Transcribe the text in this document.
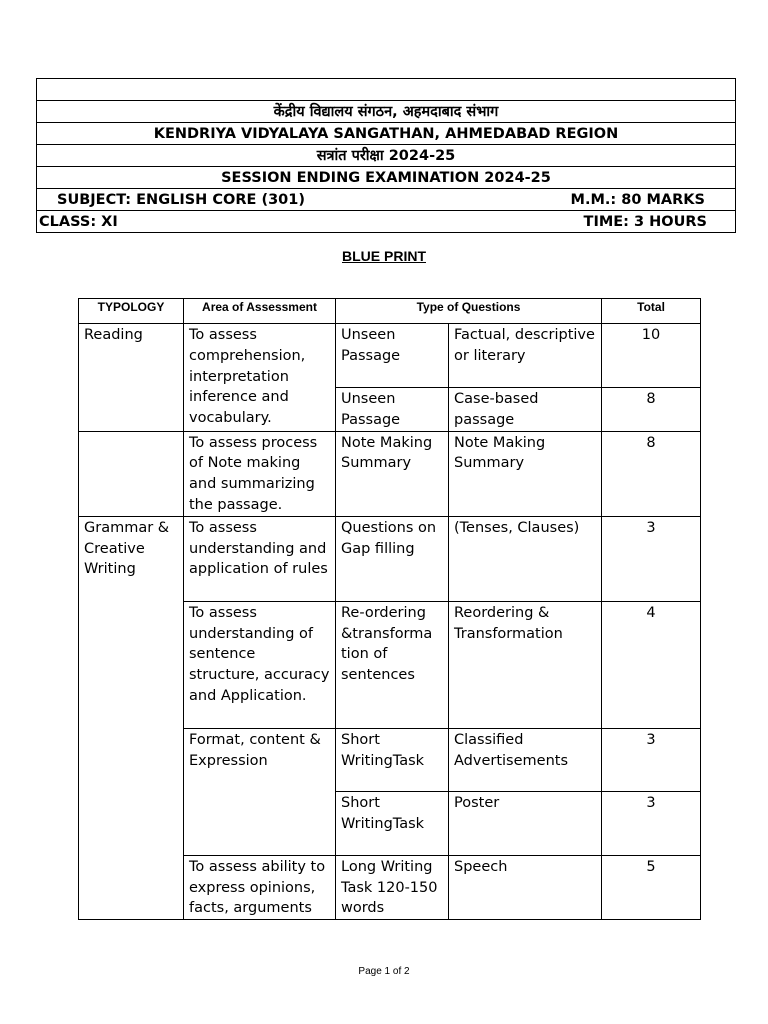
केंद्रीय विद्यालय संगठन, अहमदाबाद संभाग
KENDRIYA VIDYALAYA SANGATHAN, AHMEDABAD REGION
सत्रांत परीक्षा 2024-25
SESSION ENDING EXAMINATION 2024-25

SUBJECT: ENGLISH CORE (301)	M.M.: 80 MARKS

CLASS: XI	TIME: 3 HOURS
BLUE PRINT
TYPOLOGY	Area of Assessment	Type of Questions		Total
Reading	To assess comprehension, interpretation inference and vocabulary.	Unseen Passage	Factual, descriptive or literary	10
		Unseen Passage	Case-based passage	8
	To assess process of Note making and summarizing the passage.	Note Making Summary	Note Making Summary	8
Grammar & Creative Writing	To assess understanding and application of rules	Questions on Gap filling	(Tenses, Clauses)	3
	To assess understanding of sentence structure, accuracy and Application.	Re-ordering &transforma tion of sentences	Reordering & Transformation	4
	Format, content & Expression	Short WritingTask	Classified Advertisements	3
		Short WritingTask	Poster	3
	To assess ability to express opinions, facts, arguments	Long Writing Task 120-150 words	Speech	5
Page 1 of 2
